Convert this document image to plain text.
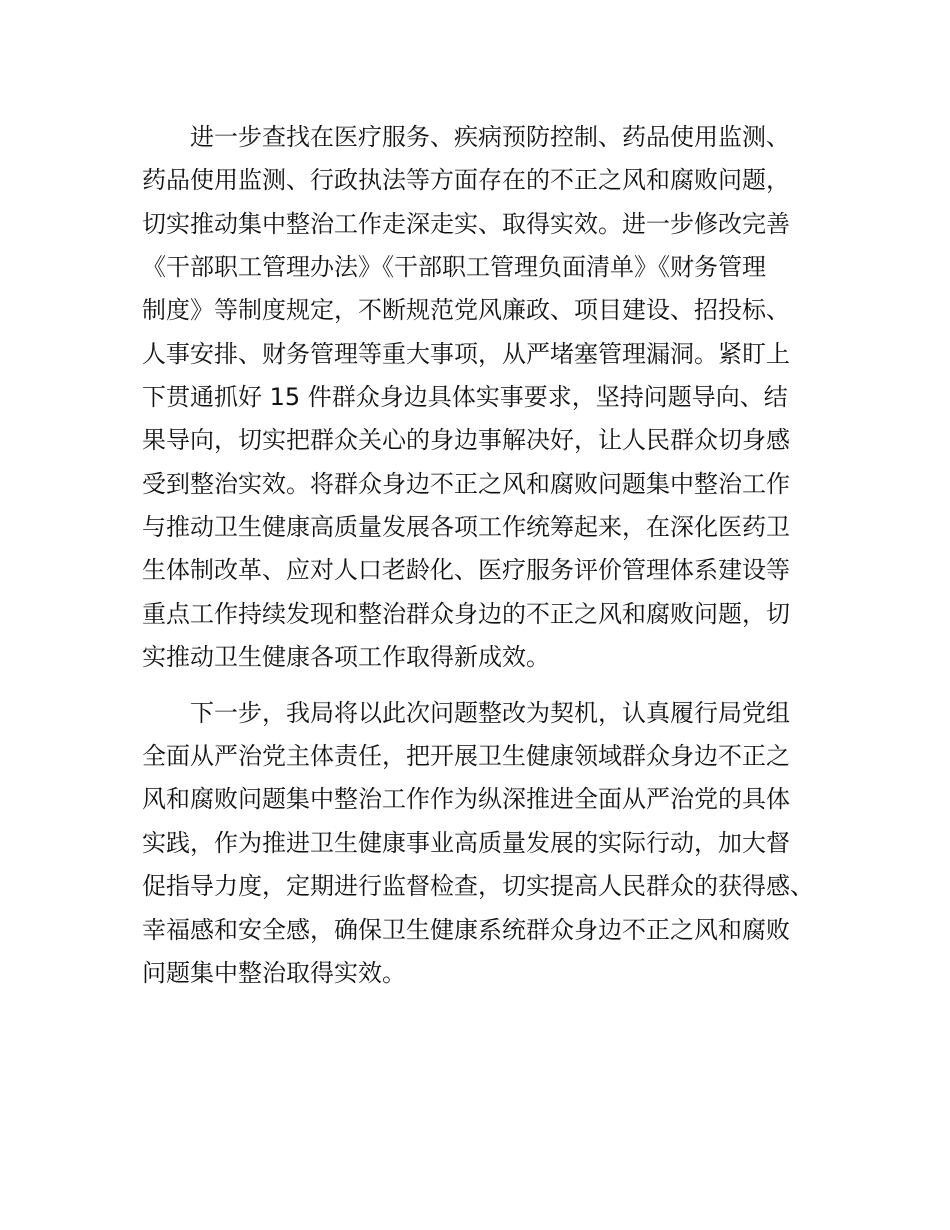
进一步查找在医疗服务、疾病预防控制、药品使用监测、
药品使用监测、行政执法等方面存在的不正之风和腐败问题，
切实推动集中整治工作走深走实、取得实效。进一步修改完善
《干部职工管理办法》《干部职工管理负面清单》《财务管理
制度》等制度规定，不断规范党风廉政、项目建设、招投标、
人事安排、财务管理等重大事项，从严堵塞管理漏洞。紧盯上
下贯通抓好 15 件群众身边具体实事要求，坚持问题导向、结
果导向，切实把群众关心的身边事解决好，让人民群众切身感
受到整治实效。将群众身边不正之风和腐败问题集中整治工作
与推动卫生健康高质量发展各项工作统筹起来，在深化医药卫
生体制改革、应对人口老龄化、医疗服务评价管理体系建设等
重点工作持续发现和整治群众身边的不正之风和腐败问题，切
实推动卫生健康各项工作取得新成效。
下一步，我局将以此次问题整改为契机，认真履行局党组
全面从严治党主体责任，把开展卫生健康领域群众身边不正之
风和腐败问题集中整治工作作为纵深推进全面从严治党的具体
实践，作为推进卫生健康事业高质量发展的实际行动，加大督
促指导力度，定期进行监督检查，切实提高人民群众的获得感、
幸福感和安全感，确保卫生健康系统群众身边不正之风和腐败
问题集中整治取得实效。
